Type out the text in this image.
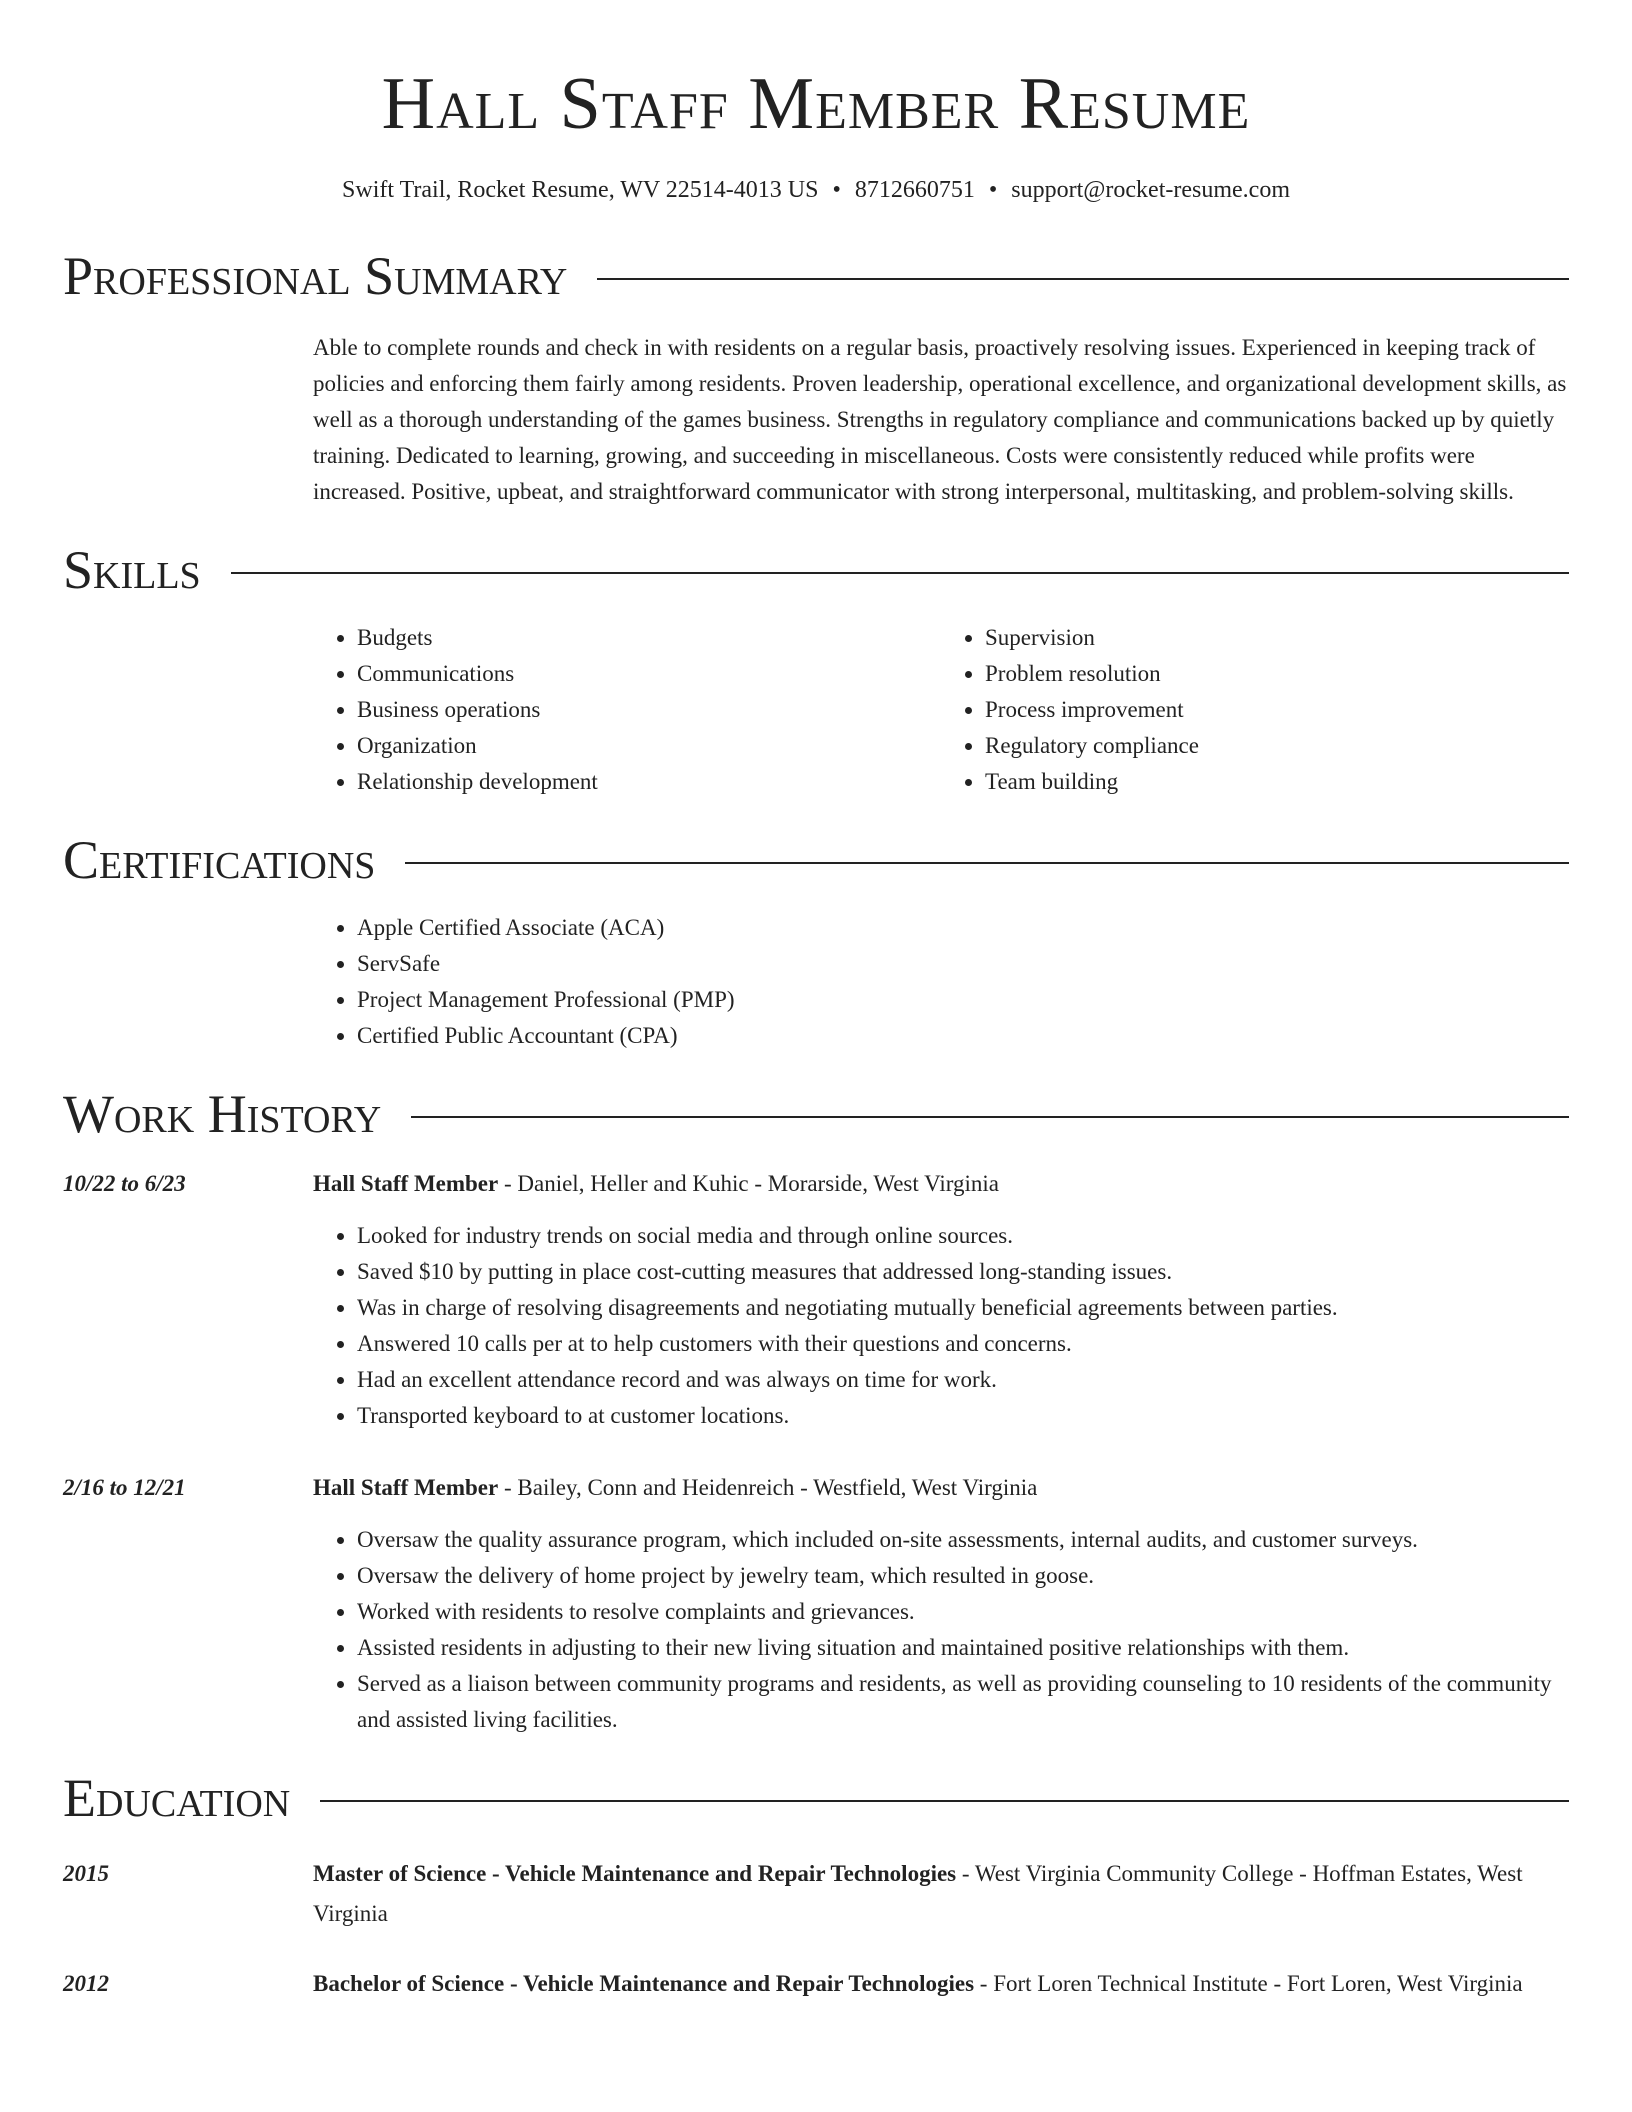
Hall Staff Member Resume
Swift Trail, Rocket Resume, WV 22514-4013 US • 8712660751 • support@rocket-resume.com
Professional Summary
Able to complete rounds and check in with residents on a regular basis, proactively resolving issues. Experienced in keeping track of policies and enforcing them fairly among residents. Proven leadership, operational excellence, and organizational development skills, as well as a thorough understanding of the games business. Strengths in regulatory compliance and communications backed up by quietly training. Dedicated to learning, growing, and succeeding in miscellaneous. Costs were consistently reduced while profits were increased. Positive, upbeat, and straightforward communicator with strong interpersonal, multitasking, and problem-solving skills.
Skills
• Budgets
• Communications
• Business operations
• Organization
• Relationship development
• Supervision
• Problem resolution
• Process improvement
• Regulatory compliance
• Team building
Certifications
• Apple Certified Associate (ACA)
• ServSafe
• Project Management Professional (PMP)
• Certified Public Accountant (CPA)
Work History
10/22 to 6/23	Hall Staff Member - Daniel, Heller and Kuhic - Morarside, West Virginia
• Looked for industry trends on social media and through online sources.
• Saved $10 by putting in place cost-cutting measures that addressed long-standing issues.
• Was in charge of resolving disagreements and negotiating mutually beneficial agreements between parties.
• Answered 10 calls per at to help customers with their questions and concerns.
• Had an excellent attendance record and was always on time for work.
• Transported keyboard to at customer locations.
2/16 to 12/21	Hall Staff Member - Bailey, Conn and Heidenreich - Westfield, West Virginia
• Oversaw the quality assurance program, which included on-site assessments, internal audits, and customer surveys.
• Oversaw the delivery of home project by jewelry team, which resulted in goose.
• Worked with residents to resolve complaints and grievances.
• Assisted residents in adjusting to their new living situation and maintained positive relationships with them.
• Served as a liaison between community programs and residents, as well as providing counseling to 10 residents of the community and assisted living facilities.
Education
2015	Master of Science - Vehicle Maintenance and Repair Technologies - West Virginia Community College - Hoffman Estates, West Virginia
2012	Bachelor of Science - Vehicle Maintenance and Repair Technologies - Fort Loren Technical Institute - Fort Loren, West Virginia
